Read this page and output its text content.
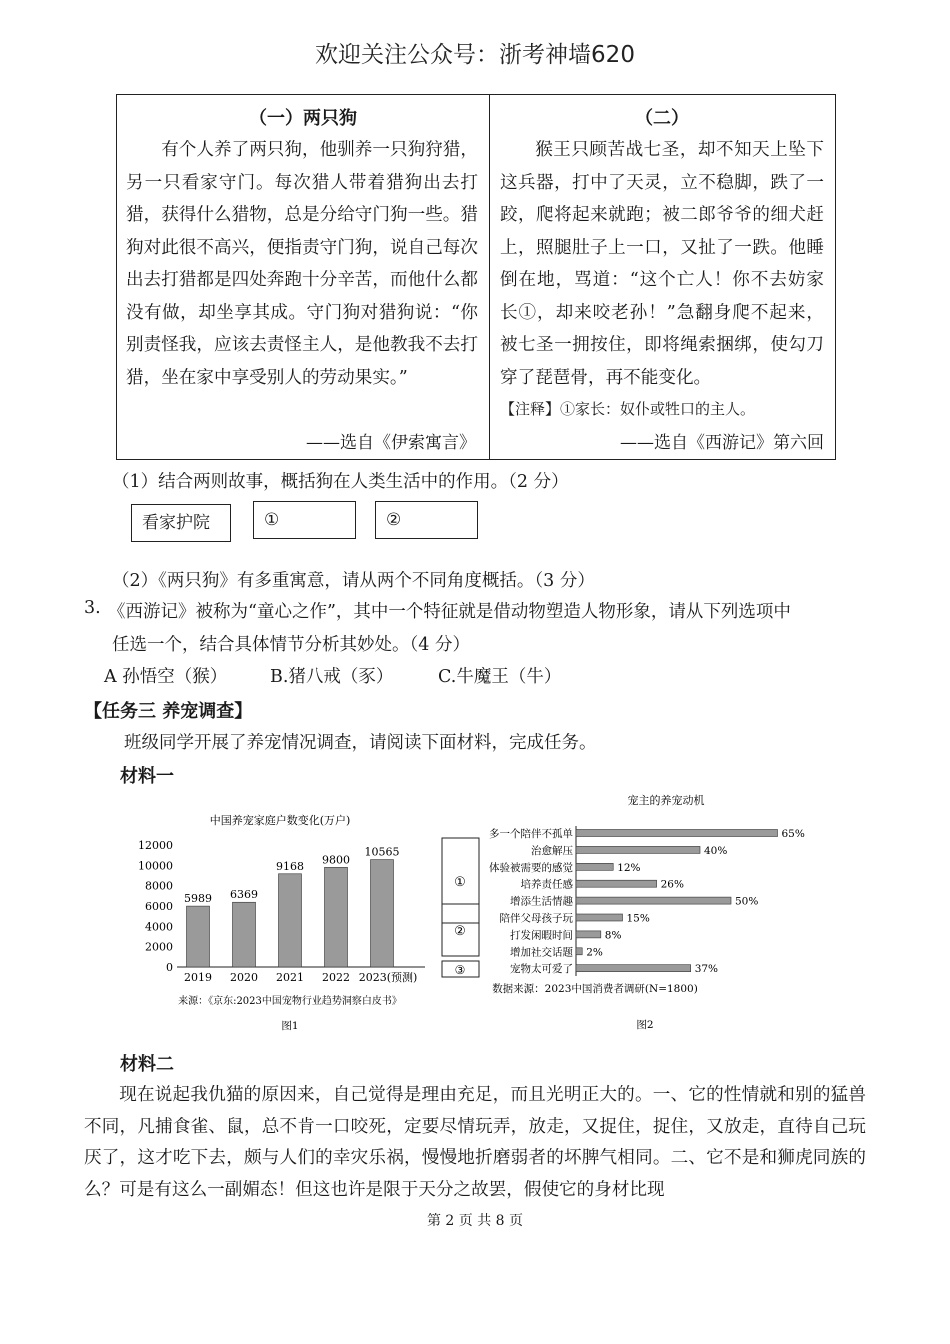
欢迎关注公众号：浙考神墙620
（一）两只狗
有个人养了两只狗，他驯养一只狗狩猎，另一只看家守门。每次猎人带着猎狗出去打猎，获得什么猎物，总是分给守门狗一些。猎狗对此很不高兴，便指责守门狗，说自己每次出去打猎都是四处奔跑十分辛苦，而他什么都没有做，却坐享其成。守门狗对猎狗说：“你别责怪我，应该去责怪主人，是他教我不去打猎，坐在家中享受别人的劳动果实。”
——选自《伊索寓言》
（二）
猴王只顾苦战七圣，却不知天上坠下这兵器，打中了天灵，立不稳脚，跌了一跤，爬将起来就跑；被二郎爷爷的细犬赶上，照腿肚子上一口，又扯了一跌。他睡倒在地，骂道：“这个亡人！你不去妨家长①，却来咬老孙！”急翻身爬不起来，被七圣一拥按住，即将绳索捆绑，使勾刀穿了琵琶骨，再不能变化。
【注释】①家长：奴仆或牲口的主人。
——选自《西游记》第六回
（1）结合两则故事，概括狗在人类生活中的作用。（2 分）
看家护院	①	②
（2）《两只狗》有多重寓意，请从两个不同角度概括。（3 分）
3. 《西游记》被称为“童心之作”，其中一个特征就是借动物塑造人物形象，请从下列选项中
任选一个，结合具体情节分析其妙处。（4 分）
A 孙悟空（猴） B.猪八戒（豕）	C.牛魔王（牛）
【任务三 养宠调查】
班级同学开展了养宠情况调查，请阅读下面材料，完成任务。
材料一
中国养宠家庭户数变化(万户)
0
2000
4000
6000
8000
10000
12000
5989
2019
6369
2020
9168
2021
9800
2022
10565
2023(预测)
来源：《京东:2023中国宠物行业趋势洞察白皮书》
图1
宠主的养宠动机
①
②
③
多一个陪伴不孤单	65%
治愈解压	40%
体验被需要的感觉	12%
培养责任感	26%
增添生活情趣	50%
陪伴父母孩子玩	15%
打发闲暇时间	8%
增加社交话题 2%
宠物太可爱了	37%
数据来源：2023中国消费者调研(N=1800)
图2
材料二
现在说起我仇猫的原因来，自己觉得是理由充足，而且光明正大的。一、它的性情就和别的猛兽不同，凡捕食雀、鼠，总不肯一口咬死，定要尽情玩弄，放走，又捉住，捉住，又放走，直待自己玩厌了，这才吃下去，颇与人们的幸灾乐祸，慢慢地折磨弱者的坏脾气相同。二、它不是和狮虎同族的么？可是有这么一副媚态！但这也许是限于天分之故罢，假使它的身材比现
第 2 页 共 8 页
